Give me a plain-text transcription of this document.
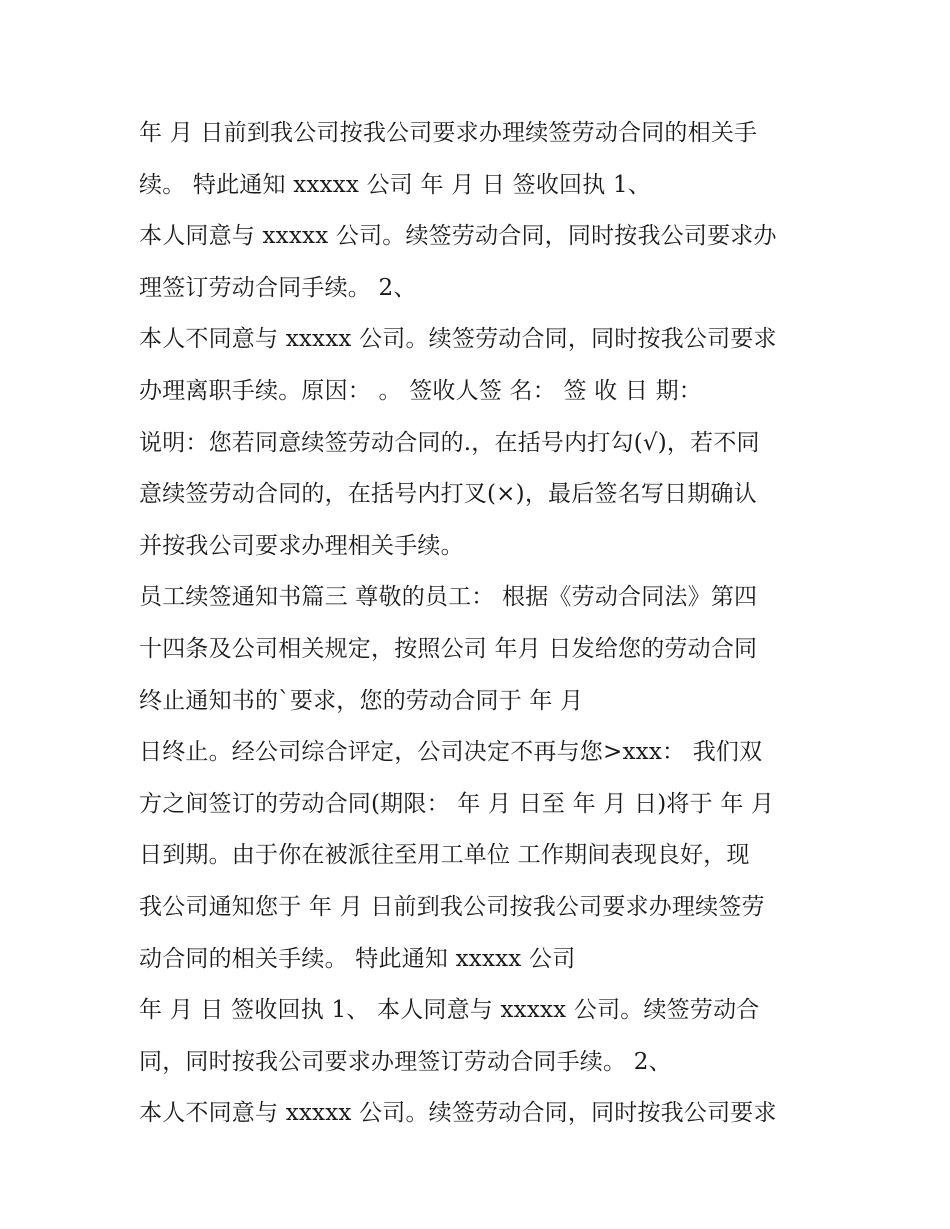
年 月 日前到我公司按我公司要求办理续签劳动合同的相关手
续。 特此通知 xxxxx 公司 年 月 日 签收回执 1、
本人同意与 xxxxx 公司。续签劳动合同，同时按我公司要求办
理签订劳动合同手续。 2、
本人不同意与 xxxxx 公司。续签劳动合同，同时按我公司要求
办理离职手续。原因： 。 签收人签 名： 签 收 日 期：
说明：您若同意续签劳动合同的.，在括号内打勾(√)，若不同
意续签劳动合同的，在括号内打叉(×)，最后签名写日期确认
并按我公司要求办理相关手续。
员工续签通知书篇三 尊敬的员工： 根据《劳动合同法》第四
十四条及公司相关规定，按照公司 年月 日发给您的劳动合同
终止通知书的`要求，您的劳动合同于 年 月
日终止。经公司综合评定，公司决定不再与您>xxx： 我们双
方之间签订的劳动合同(期限： 年 月 日至 年 月 日)将于 年 月
日到期。由于你在被派往至用工单位 工作期间表现良好，现
我公司通知您于 年 月 日前到我公司按我公司要求办理续签劳
动合同的相关手续。 特此通知 xxxxx 公司
年 月 日 签收回执 1、 本人同意与 xxxxx 公司。续签劳动合
同，同时按我公司要求办理签订劳动合同手续。 2、
本人不同意与 xxxxx 公司。续签劳动合同，同时按我公司要求
